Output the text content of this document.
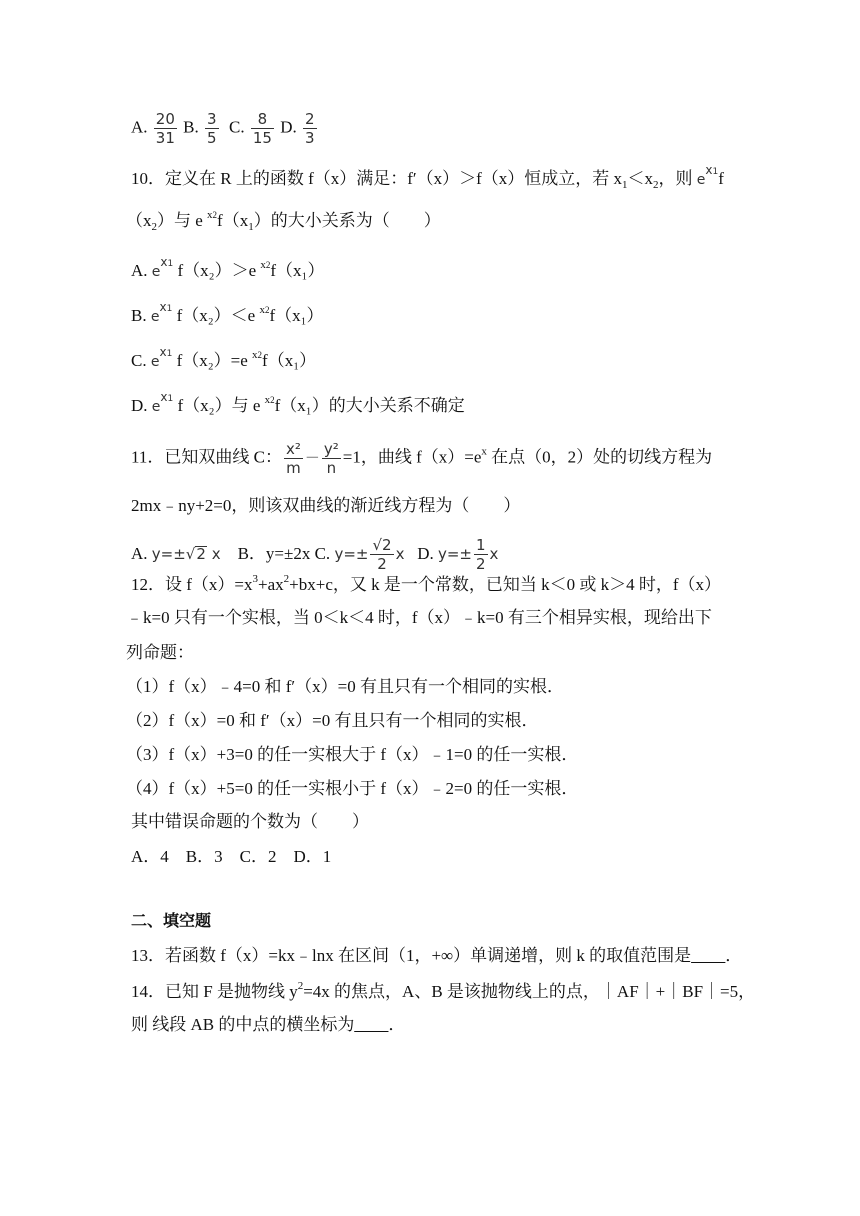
A. $\frac{20}{31} B$. $\frac{3}{5} C$. $\frac{8}{15} D$. $\frac{2}{3}$
10．定义在 R 上的函数 f（x）满足：f′（x）＞f（x）恒成立，若 $x_1<x_2$，则 ex1f
$(x_2)$与 e $^{x2}f(x_1)$的大小关系为（　　）
A. ex1 f（x₂）＞e $^{x2}$f（x₁）
B. ex1 f（x₂）＜e $^{x2}$f（x₁）
C. ex1 f（x₂）=e $^{x2}$f（x₁）
D. ex1 f（x₂）与 e $^{x2}$f（x₁）的大小关系不确定
11．已知双曲线 C： $\frac{\text{x²}}{m} - \frac{\text{y²}}{n} =1$，曲线 $f(x)=e^x$ 在点（0，2）处的切线方程为
2mx﹣ny+2=0，则该双曲线的渐近线方程为（　　）
A. y=±√2 x B．y=±2x C. $y=\pm \frac{√2}{2}$ x D. $y=\pm \frac{1}{2}$ x
12．设 $f(x)=x^3+ax^2+bx+c$，又 k 是一个常数，已知当 k＜0 或 k＞4 时，f（x）
﹣k=0 只有一个实根，当 0＜k＜4 时，f（x）﹣k=0 有三个相异实根，现给出下
列命题：
（1）f（x）﹣4=0 和 f′（x）=0 有且只有一个相同的实根．
（2）f（x）=0 和 f′（x）=0 有且只有一个相同的实根．
（3）f（x）+3=0 的任一实根大于 f（x）﹣1=0 的任一实根．
（4）f（x）+5=0 的任一实根小于 f（x）﹣2=0 的任一实根．
其中错误命题的个数为（　　）
A．4　B．3　C．2　D．1
二、填空题
13．若函数 f（x）=kx﹣lnx 在区间（1，+∞）单调递增，则 k 的取值范围是____．
14．已知 F 是抛物线 $y^2=4x$ 的焦点，A、B 是该抛物线上的点，｜AF｜+｜BF｜=5，
则 线段 AB 的中点的横坐标为____．
